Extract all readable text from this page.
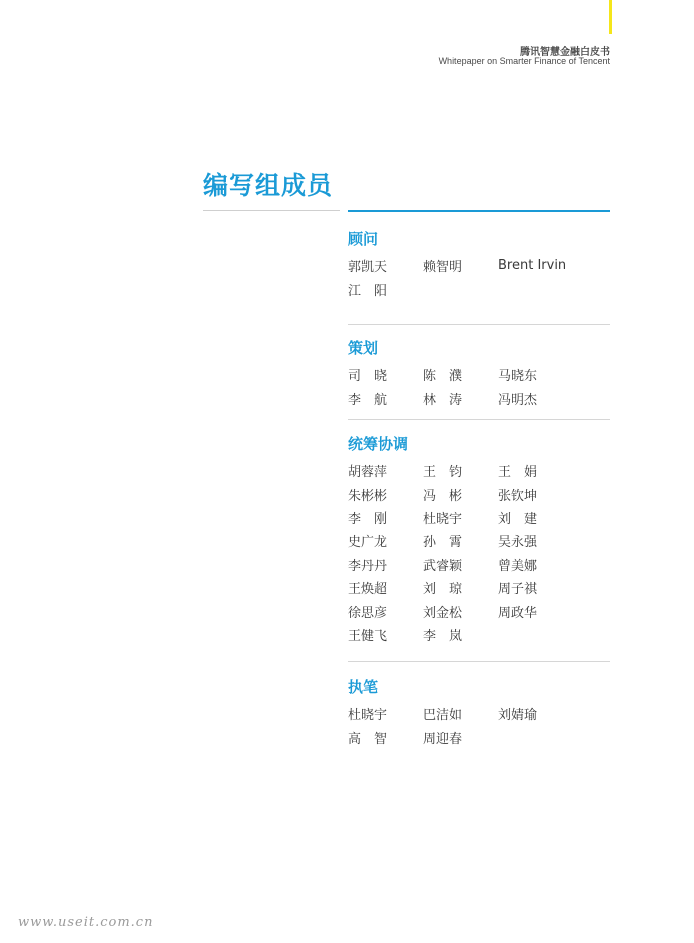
腾讯智慧金融白皮书
Whitepaper on Smarter Finance of Tencent
编写组成员
顾问
郭凯天	赖智明	Brent Irvin
江　阳
策划
司　晓	陈　濮	马晓东
李　航	林　涛	冯明杰
统筹协调
胡蓉萍	王　钧	王　娟
朱彬彬	冯　彬	张钦坤
李　刚	杜晓宇	刘　建
史广龙	孙　霄	吴永强
李丹丹	武睿颖	曾美娜
王焕超	刘　琼	周子祺
徐思彦	刘金松	周政华
王健飞	李　岚
执笔
杜晓宇	巴洁如	刘婧瑜
高　智	周迎春
www.useit.com.cn
